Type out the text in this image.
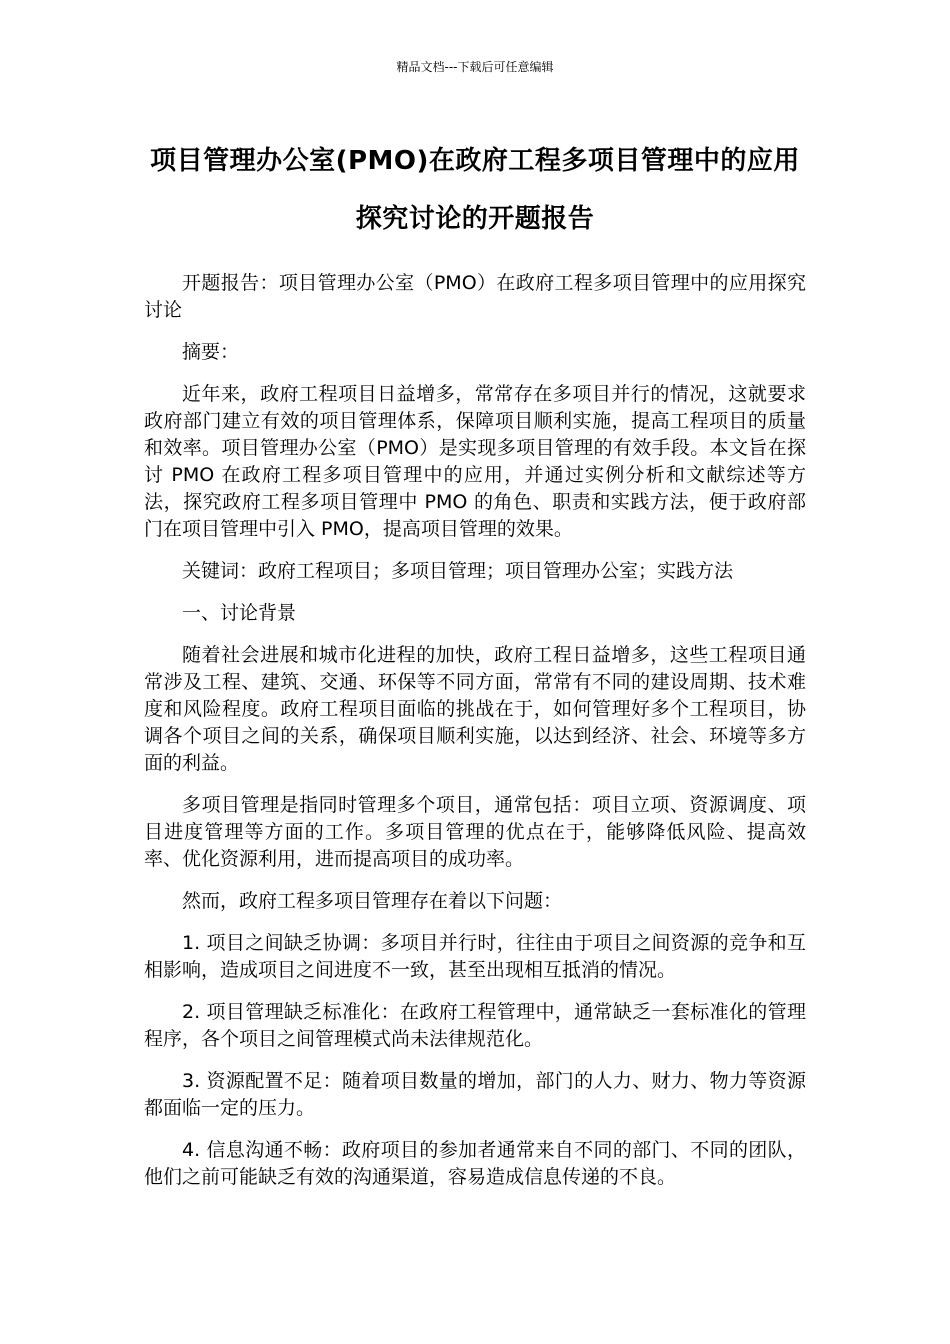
精品文档---下载后可任意编辑
项目管理办公室(PMO)在政府工程多项目管理中的应用探究讨论的开题报告

开题报告：项目管理办公室（PMO）在政府工程多项目管理中的应用探究讨论

摘要：

近年来，政府工程项目日益增多，常常存在多项目并行的情况，这就要求政府部门建立有效的项目管理体系，保障项目顺利实施，提高工程项目的质量和效率。项目管理办公室（PMO）是实现多项目管理的有效手段。本文旨在探讨 PMO 在政府工程多项目管理中的应用，并通过实例分析和文献综述等方法，探究政府工程多项目管理中 PMO 的角色、职责和实践方法，便于政府部门在项目管理中引入 PMO，提高项目管理的效果。

关键词：政府工程项目；多项目管理；项目管理办公室；实践方法

一、讨论背景

随着社会进展和城市化进程的加快，政府工程日益增多，这些工程项目通常涉及工程、建筑、交通、环保等不同方面，常常有不同的建设周期、技术难度和风险程度。政府工程项目面临的挑战在于，如何管理好多个工程项目，协调各个项目之间的关系，确保项目顺利实施，以达到经济、社会、环境等多方面的利益。

多项目管理是指同时管理多个项目，通常包括：项目立项、资源调度、项目进度管理等方面的工作。多项目管理的优点在于，能够降低风险、提高效率、优化资源利用，进而提高项目的成功率。

然而，政府工程多项目管理存在着以下问题：

1. 项目之间缺乏协调：多项目并行时，往往由于项目之间资源的竞争和互相影响，造成项目之间进度不一致，甚至出现相互抵消的情况。

2. 项目管理缺乏标准化：在政府工程管理中，通常缺乏一套标准化的管理程序，各个项目之间管理模式尚未法律规范化。

3. 资源配置不足：随着项目数量的增加，部门的人力、财力、物力等资源都面临一定的压力。

4. 信息沟通不畅：政府项目的参加者通常来自不同的部门、不同的团队，他们之前可能缺乏有效的沟通渠道，容易造成信息传递的不良。
